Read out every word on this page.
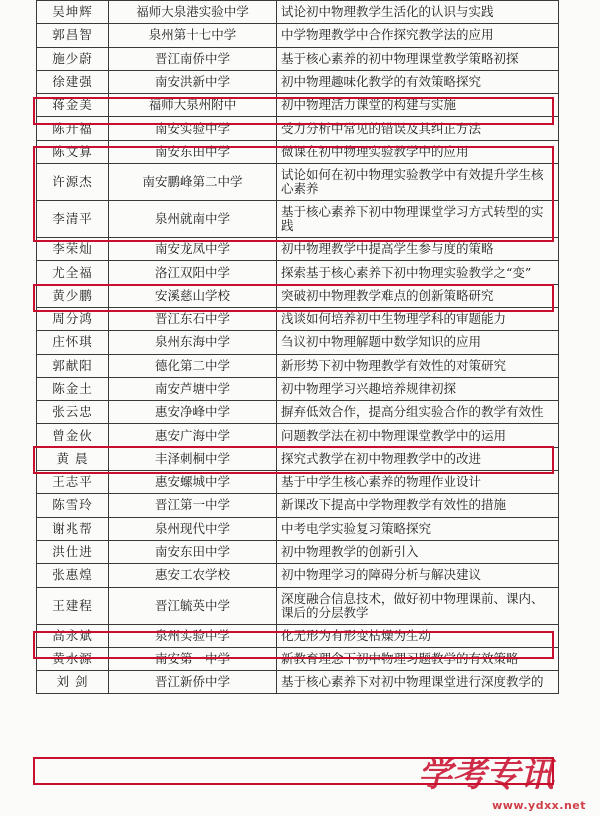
吴坤辉	福师大泉港实验中学	试论初中物理教学生活化的认识与实践
郭昌智	泉州第十七中学	中学物理教学中合作探究教学法的应用
施少蔚	晋江南侨中学	基于核心素养的初中物理课堂教学策略初探
徐建强	南安洪新中学	初中物理趣味化教学的有效策略探究
蒋金美	福师大泉州附中	初中物理活力课堂的构建与实施
陈开福	南安实验中学	受力分析中常见的错误及其纠正方法
陈文算	南安东田中学	微课在初中物理实验教学中的应用
许源杰	南安鹏峰第二中学	试论如何在初中物理实验教学中有效提升学生核心素养
李清平	泉州就南中学	基于核心素养下初中物理课堂学习方式转型的实践
李荣灿	南安龙凤中学	初中物理教学中提高学生参与度的策略
尤全福	洛江双阳中学	探索基于核心素养下初中物理实验教学之“变”
黄少鹏	安溪慈山学校	突破初中物理教学难点的创新策略研究
周分鸿	晋江东石中学	浅谈如何培养初中生物理学科的审题能力
庄怀琪	泉州东海中学	刍议初中物理解题中数学知识的应用
郭献阳	德化第二中学	新形势下初中物理教学有效性的对策研究
陈金土	南安芦塘中学	初中物理学习兴趣培养规律初探
张云忠	惠安净峰中学	摒弃低效合作，提高分组实验合作的教学有效性
曾金伙	惠安广海中学	问题教学法在初中物理课堂教学中的运用
黄 晨	丰泽刺桐中学	探究式教学在初中物理教学中的改进
王志平	惠安螺城中学	基于中学生核心素养的物理作业设计
陈雪玲	晋江第一中学	新课改下提高中学物理教学有效性的措施
谢兆帮	泉州现代中学	中考电学实验复习策略探究
洪仕进	南安东田中学	初中物理教学的创新引入
张惠煌	惠安工农学校	初中物理学习的障碍分析与解决建议
王建程	晋江毓英中学	深度融合信息技术，做好初中物理课前、课内、课后的分层教学
高永斌	泉州实验中学	化无形为有形变枯燥为生动
黄水源	南安第一中学	新教育理念下初中物理习题教学的有效策略
刘 剑	晋江新侨中学	基于核心素养下对初中物理课堂进行深度教学的
学考专讯
www.ydxx.net
